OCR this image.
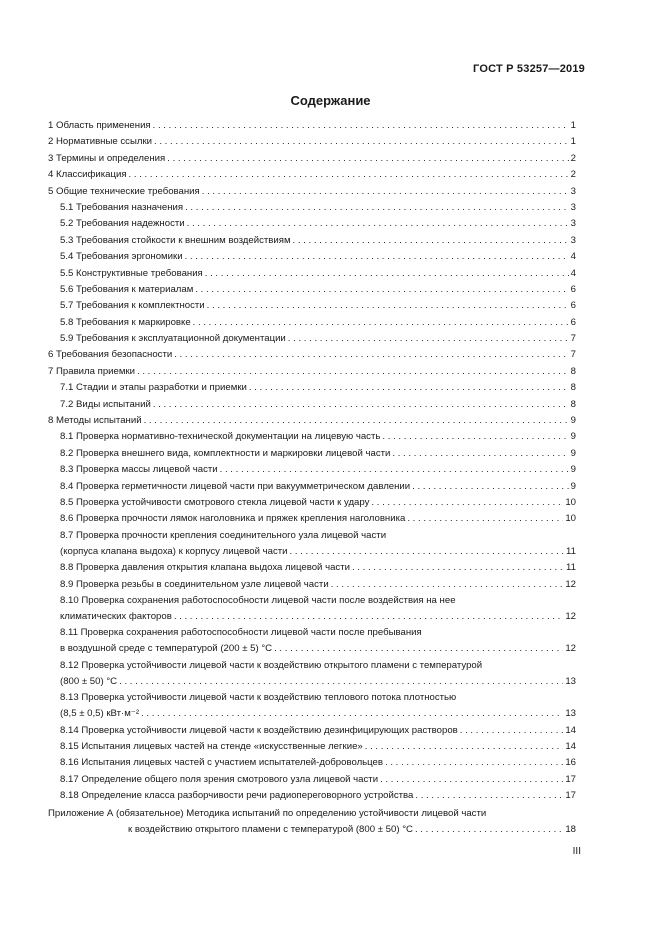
ГОСТ Р 53257—2019
Содержание
1 Область применения . . .	1
2 Нормативные ссылки . . .	1
3 Термины и определения . . .	2
4 Классификация . . .	2
5 Общие технические требования . . .	3
5.1 Требования назначения . . .	3
5.2 Требования надежности . . .	3
5.3 Требования стойкости к внешним воздействиям . . .	3
5.4 Требования эргономики . . .	4
5.5 Конструктивные требования . . .	4
5.6 Требования к материалам . . .	6
5.7 Требования к комплектности . . .	6
5.8 Требования к маркировке . . .	6
5.9 Требования к эксплуатационной документации . . .	7
6 Требования безопасности . . .	7
7 Правила приемки . . .	8
7.1 Стадии и этапы разработки и приемки . . .	8
7.2 Виды испытаний . . .	8
8 Методы испытаний . . .	9
8.1 Проверка нормативно-технической документации на лицевую часть . . .	9
8.2 Проверка внешнего вида, комплектности и маркировки лицевой части . . .	9
8.3 Проверка массы лицевой части . . .	9
8.4 Проверка герметичности лицевой части при вакуумметрическом давлении . . .	9
8.5 Проверка устойчивости смотрового стекла лицевой части к удару . . .	10
8.6 Проверка прочности лямок наголовника и пряжек крепления наголовника . . .	10
8.7 Проверка прочности крепления соединительного узла лицевой части
(корпуса клапана выдоха) к корпусу лицевой части . . .	11
8.8 Проверка давления открытия клапана выдоха лицевой части . . .	11
8.9 Проверка резьбы в соединительном узле лицевой части . . .	12
8.10 Проверка сохранения работоспособности лицевой части после воздействия на нее
климатических факторов . . .	12
8.11 Проверка сохранения работоспособности лицевой части после пребывания
в воздушной среде с температурой (200 ± 5) °С . . .	12
8.12 Проверка устойчивости лицевой части к воздействию открытого пламени с температурой
(800 ± 50) °С . . .	13
8.13 Проверка устойчивости лицевой части к воздействию теплового потока плотностью
(8,5 ± 0,5) кВт·м⁻² . . .	13
8.14 Проверка устойчивости лицевой части к воздействию дезинфицирующих растворов . . .	14
8.15 Испытания лицевых частей на стенде «искусственные легкие» . . .	14
8.16 Испытания лицевых частей с участием испытателей-добровольцев . . .	16
8.17 Определение общего поля зрения смотрового узла лицевой части . . .	17
8.18 Определение класса разборчивости речи радиопереговорного устройства . . .	17
Приложение А (обязательное) Методика испытаний по определению устойчивости лицевой части
к воздействию открытого пламени с температурой (800 ± 50) °С . . .	18
III
